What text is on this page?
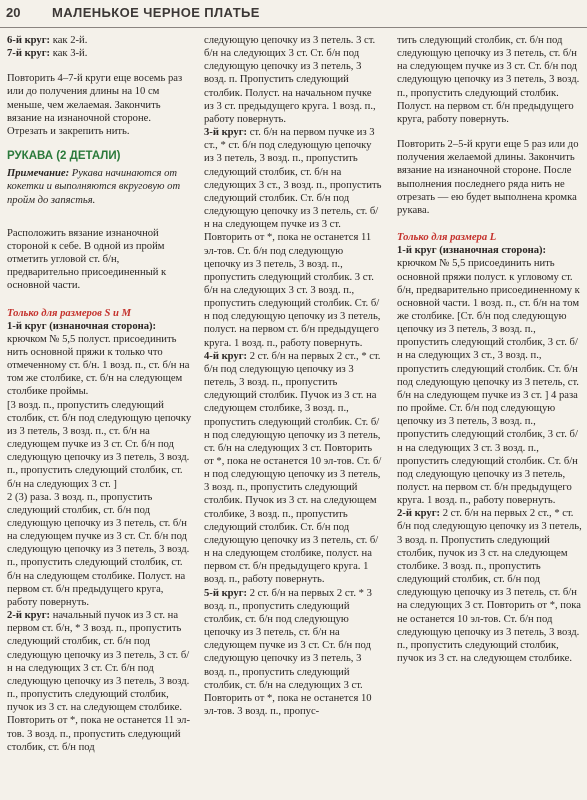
20 МАЛЕНЬКОЕ ЧЕРНОЕ ПЛАТЬЕ

6-й круг: как 2-й.

7-й круг: как 3-й.

Повторить 4–7-й круги еще восемь раз или до получения длины на 10 см меньше, чем желаемая. Закончить вязание на изнаночной стороне. Отрезать и закрепить нить.

РУКАВА (2 ДЕТАЛИ)

Примечание: Рукава начинаются от кокетки и выполняются вкруговую от пройм до запястья.

Расположить вязание изнаночной стороной к себе. В одной из пройм отметить угловой ст. б/н, предварительно присоединенный к основной части.

Только для размеров S и M

1-й круг (изнаночная сторона): крючком № 5,5 полуст. присоединить нить основной пряжи к только что отмеченному ст. б/н. 1 возд. п., ст. б/н на том же столбике, ст. б/н на следующем столбике проймы.

[3 возд. п., пропустить следующий столбик, ст. б/н под следующую цепочку из 3 петель, 3 возд. п., ст. б/н на следующем пучке из 3 ст. Ст. б/н под следующую цепочку из 3 петель, 3 возд. п., пропустить следующий столбик, ст. б/н на следующих 3 ст. ]

2 (3) раза. 3 возд. п., пропустить следующий столбик, ст. б/н под следующую цепочку из 3 петель, ст. б/н на следующем пучке из 3 ст. Ст. б/н под следующую цепочку из 3 петель, 3 возд. п., пропустить следующий столбик, ст. б/н на следующем столбике. Полуст. на первом ст. б/н предыдущего круга, работу повернуть.

2-й круг: начальный пучок из 3 ст. на первом ст. б/н, * 3 возд. п., пропустить следующий столбик, ст. б/н под следующую цепочку из 3 петель, 3 ст. б/н на следующих 3 ст. Ст. б/н под следующую цепочку из 3 петель, 3 возд. п., пропустить следующий столбик, пучок из 3 ст. на следующем столбике. Повторить от *, пока не останется 11 эл-тов. 3 возд. п., пропустить следующий столбик, ст. б/н под

следующую цепочку из 3 петель. 3 ст. б/н на следующих 3 ст. Ст. б/н под следующую цепочку из 3 петель, 3 возд. п. Пропустить следующий столбик. Полуст. на начальном пучке из 3 ст. предыдущего круга. 1 возд. п., работу повернуть.

3-й круг: ст. б/н на первом пучке из 3 ст., * ст. б/н под следующую цепочку из 3 петель, 3 возд. п., пропустить следующий столбик, ст. б/н на следующих 3 ст., 3 возд. п., пропустить следующий столбик. Ст. б/н под следующую цепочку из 3 петель, ст. б/н на следующем пучке из 3 ст. Повторить от *, пока не останется 11 эл-тов. Ст. б/н под следующую цепочку из 3 петель, 3 возд. п., пропустить следующий столбик. 3 ст. б/н на следующих 3 ст. 3 возд. п., пропустить следующий столбик. Ст. б/н под следующую цепочку из 3 петель, полуст. на первом ст. б/н предыдущего круга. 1 возд. п., работу повернуть.

4-й круг: 2 ст. б/н на первых 2 ст., * ст. б/н под следующую цепочку из 3 петель, 3 возд. п., пропустить следующий столбик. Пучок из 3 ст. на следующем столбике, 3 возд. п., пропустить следующий столбик. Ст. б/н под следующую цепочку из 3 петель, ст. б/н на следующих 3 ст. Повторить от *, пока не останется 10 эл-тов. Ст. б/н под следующую цепочку из 3 петель, 3 возд. п., пропустить следующий столбик. Пучок из 3 ст. на следующем столбике, 3 возд. п., пропустить следующий столбик. Ст. б/н под следующую цепочку из 3 петель, ст. б/н на следующем столбике, полуст. на первом ст. б/н предыдущего круга. 1 возд. п., работу повернуть.

5-й круг: 2 ст. б/н на первых 2 ст. * 3 возд. п., пропустить следующий столбик, ст. б/н под следующую цепочку из 3 петель, ст. б/н на следующем пучке из 3 ст. Ст. б/н под следующую цепочку из 3 петель, 3 возд. п., пропустить следующий столбик, ст. б/н на следующих 3 ст. Повторить от *, пока не останется 10 эл-тов. 3 возд. п., пропус-

тить следующий столбик, ст. б/н под следующую цепочку из 3 петель, ст. б/н на следующем пучке из 3 ст. Ст. б/н под следующую цепочку из 3 петель, 3 возд. п., пропустить следующий столбик. Полуст. на первом ст. б/н предыдущего круга, работу повернуть.

Повторить 2–5-й круги еще 5 раз или до получения желаемой длины. Закончить вязание на изнаночной стороне. После выполнения последнего ряда нить не отрезать — ею будет выполнена кромка рукава.

Только для размера L

1-й круг (изнаночная сторона): крючком № 5,5 присоединить нить основной пряжи полуст. к угловому ст. б/н, предварительно присоединенному к основной части. 1 возд. п., ст. б/н на том же столбике. [Ст. б/н под следующую цепочку из 3 петель, 3 возд. п., пропустить следующий столбик, 3 ст. б/н на следующих 3 ст., 3 возд. п., пропустить следующий столбик. Ст. б/н под следующую цепочку из 3 петель, ст. б/н на следующем пучке из 3 ст. ] 4 раза по пройме. Ст. б/н под следующую цепочку из 3 петель, 3 возд. п., пропустить следующий столбик, 3 ст. б/н на следующих 3 ст. 3 возд. п., пропустить следующий столбик. Ст. б/н под следующую цепочку из 3 петель, полуст. на первом ст. б/н предыдущего круга. 1 возд. п., работу повернуть.

2-й круг: 2 ст. б/н на первых 2 ст., * ст. б/н под следующую цепочку из 3 петель, 3 возд. п. Пропустить следующий столбик, пучок из 3 ст. на следующем столбике. 3 возд. п., пропустить следующий столбик, ст. б/н под следующую цепочку из 3 петель, ст. б/н на следующих 3 ст. Повторить от *, пока не останется 10 эл-тов. Ст. б/н под следующую цепочку из 3 петель, 3 возд. п., пропустить следующий столбик, пучок из 3 ст. на следующем столбике.
